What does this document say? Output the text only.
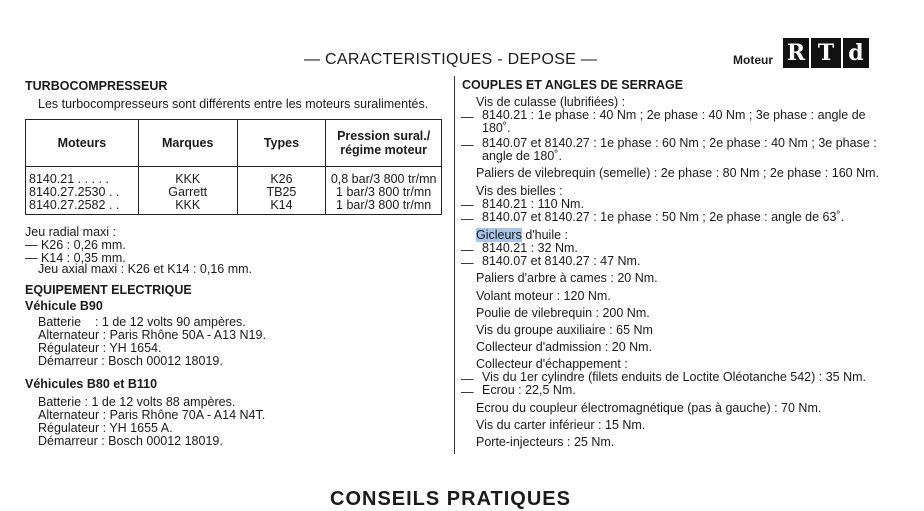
— CARACTERISTIQUES - DEPOSE —	Moteur R T d
TURBOCOMPRESSEUR
Les turbocompresseurs sont différents entre les moteurs suralimentés.
Moteurs	Marques	Types	Pression sural./ régime moteur
8140.21 . . . . .	KKK	K26	0,8 bar/3 800 tr/mn
8140.27.2530 . .	Garrett	TB25	1 bar/3 800 tr/mn
8140.27.2582 . .	KKK	K14	1 bar/3 800 tr/mn
Jeu radial maxi :
— K26 : 0,26 mm.
— K14 : 0,35 mm.
Jeu axial maxi : K26 et K14 : 0,16 mm.
EQUIPEMENT ELECTRIQUE
Véhicule B90
Batterie    : 1 de 12 volts 90 ampères.
Alternateur : Paris Rhône 50A - A13 N19.
Régulateur : YH 1654.
Démarreur : Bosch 00012 18019.
Véhicules B80 et B110
Batterie : 1 de 12 volts 88 ampères.
Alternateur : Paris Rhône 70A - A14 N4T.
Régulateur : YH 1655 A.
Démarreur : Bosch 00012 18019.
COUPLES ET ANGLES DE SERRAGE
Vis de culasse (lubrifiées) :
— 8140.21 : 1e phase : 40 Nm ; 2e phase : 40 Nm ; 3e phase : angle de
180˚.
— 8140.07 et 8140.27 : 1e phase : 60 Nm ; 2e phase : 40 Nm ; 3e phase :
angle de 180˚.
Paliers de vilebrequin (semelle) : 2e phase : 80 Nm ; 2e phase : 160 Nm.
Vis des bielles :
— 8140.21 : 110 Nm.
— 8140.07 et 8140.27 : 1e phase : 50 Nm ; 2e phase : angle de 63˚.
Gicleurs d'huile :
— 8140.21 : 32 Nm.
— 8140.07 et 8140.27 : 47 Nm.
Paliers d'arbre à cames : 20 Nm.
Volant moteur : 120 Nm.
Poulie de vilebrequin : 200 Nm.
Vis du groupe auxiliaire : 65 Nm
Collecteur d'admission : 20 Nm.
Collecteur d'échappement :
— Vis du 1er cylindre (filets enduits de Loctite Oléotanche 542) : 35 Nm.
— Ecrou : 22,5 Nm.
Ecrou du coupleur électromagnétique (pas à gauche) : 70 Nm.
Vis du carter inférieur : 15 Nm.
Porte-injecteurs : 25 Nm.
CONSEILS PRATIQUES
